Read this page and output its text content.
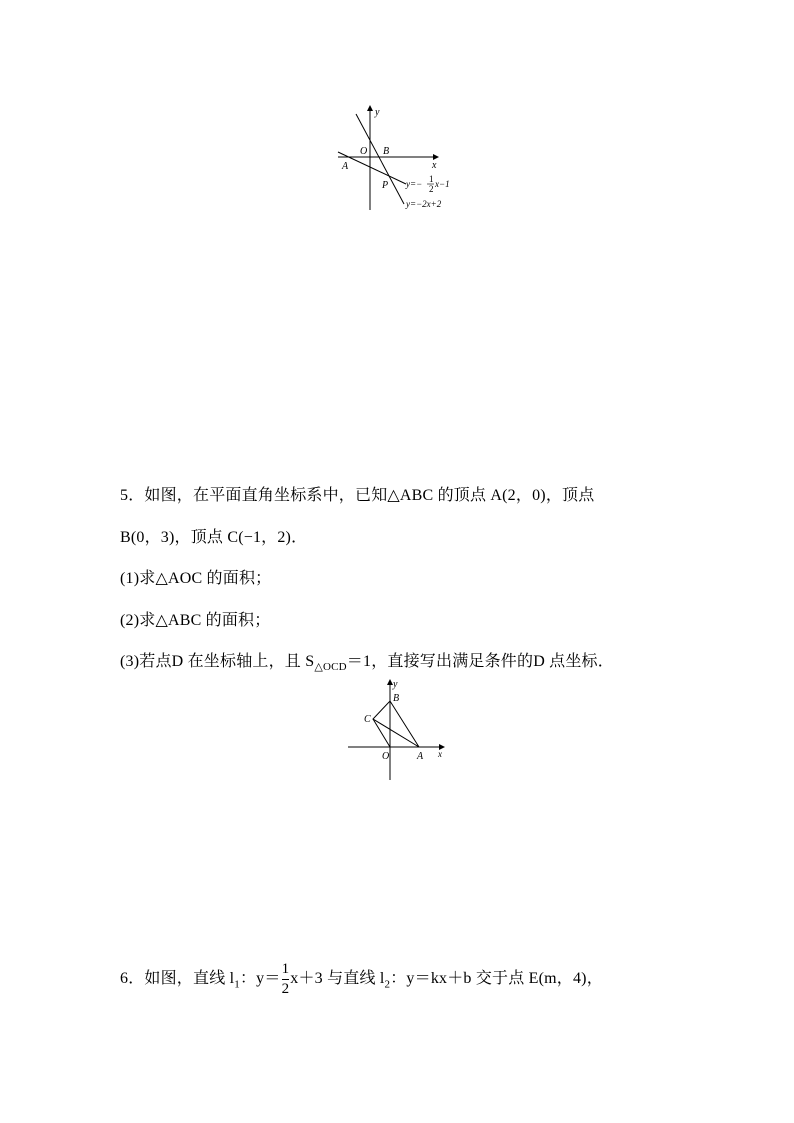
y
x
O B
A
P y=− 1
2 x−1
y=−2x+2
5．如图，在平面直角坐标系中，已知△ABC 的顶点 A(2，0)，顶点
B(0，3)，顶点 C(−1，2)．
(1)求△AOC 的面积；
(2)求△ABC 的面积；
(3)若点D 在坐标轴上，且 $S_{\triangle OCD}=1$，直接写出满足条件的D 点坐标．
y
B
C
O	A x
6．如图，直线 $l_1$：$y= \frac{1}{2} x+3$ 与直线 $l_2$：y＝kx＋b 交于点 E(m，4)，
